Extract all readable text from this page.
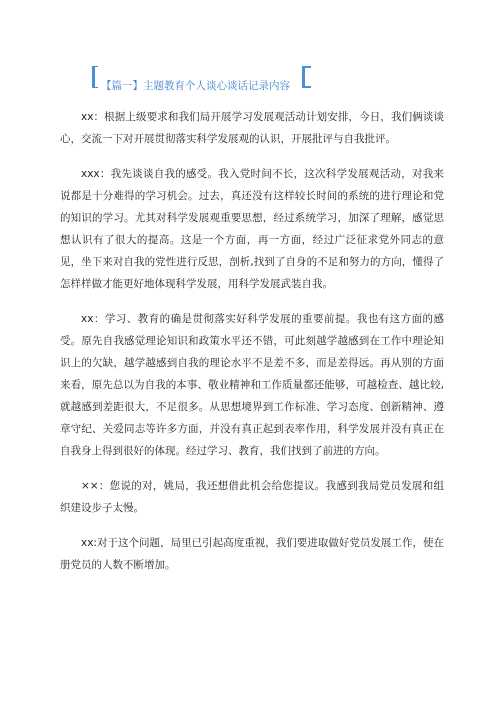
【篇一】主题教育个人谈心谈话记录内容

xx：根据上级要求和我们局开展学习发展观活动计划安排，今日，我们俩谈谈心，交流一下对开展贯彻落实科学发展观的认识，开展批评与自我批评。

xxx：我先谈谈自我的感受。我入党时间不长，这次科学发展观活动，对我来说都是十分难得的学习机会。过去，真还没有这样较长时间的系统的进行理论和党的知识的学习。尤其对科学发展观重要思想，经过系统学习，加深了理解，感觉思想认识有了很大的提高。这是一个方面，再一方面，经过广泛征求党外同志的意见，坐下来对自我的党性进行反思，剖析,找到了自身的不足和努力的方向，懂得了怎样样做才能更好地体现科学发展，用科学发展武装自我。

xx：学习、教育的确是贯彻落实好科学发展的重要前提。我也有这方面的感受。原先自我感觉理论知识和政策水平还不错，可此刻越学越感到在工作中理论知识上的欠缺，越学越感到自我的理论水平不是差不多，而是差得远。再从别的方面来看，原先总以为自我的本事、敬业精神和工作质量都还能够，可越检查、越比较,就越感到差距很大，不足很多。从思想境界到工作标准、学习态度、创新精神、遵章守纪、关爱同志等许多方面，并没有真正起到表率作用，科学发展并没有真正在自我身上得到很好的体现。经过学习、教育，我们找到了前进的方向。

××：您说的对，姚局，我还想借此机会给您提议。我感到我局党员发展和组织建设步子太慢。

xx:对于这个问题，局里已引起高度重视，我们要进取做好党员发展工作，使在册党员的人数不断增加。
